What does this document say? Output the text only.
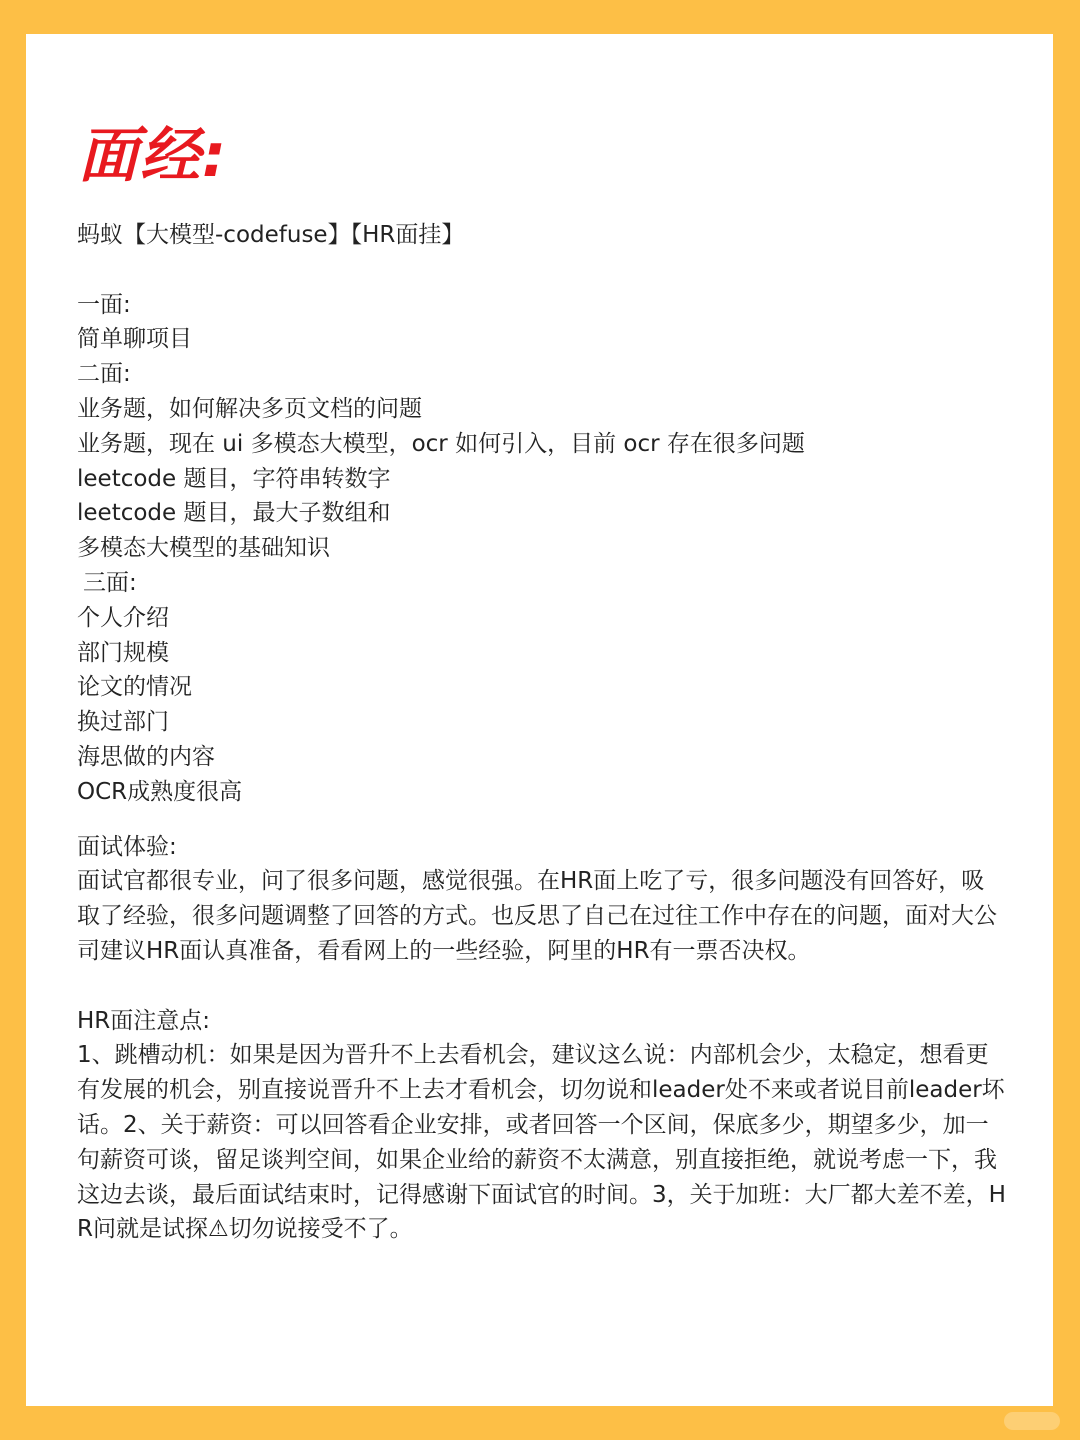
面经:
蚂蚁【大模型-codefuse】【HR面挂】
一面:
简单聊项目
二面:
业务题，如何解决多页文档的问题
业务题，现在 ui 多模态大模型，ocr 如何引入，目前 ocr 存在很多问题
leetcode 题目，字符串转数字
leetcode 题目，最大子数组和
多模态大模型的基础知识
三面:
个人介绍
部门规模
论文的情况
换过部门
海思做的内容
OCR成熟度很高
面试体验:
面试官都很专业，问了很多问题，感觉很强。在HR面上吃了亏，很多问题没有回答好，吸取了经验，很多问题调整了回答的方式。也反思了自己在过往工作中存在的问题，面对大公司建议HR面认真准备，看看网上的一些经验，阿里的HR有一票否决权。
HR面注意点:
1、跳槽动机：如果是因为晋升不上去看机会，建议这么说：内部机会少，太稳定，想看更有发展的机会，别直接说晋升不上去才看机会，切勿说和leader处不来或者说目前leader坏话。2、关于薪资：可以回答看企业安排，或者回答一个区间，保底多少，期望多少，加一句薪资可谈，留足谈判空间，如果企业给的薪资不太满意，别直接拒绝，就说考虑一下，我这边去谈，最后面试结束时，记得感谢下面试官的时间。3，关于加班：大厂都大差不差，HR问就是试探⚠切勿说接受不了。
